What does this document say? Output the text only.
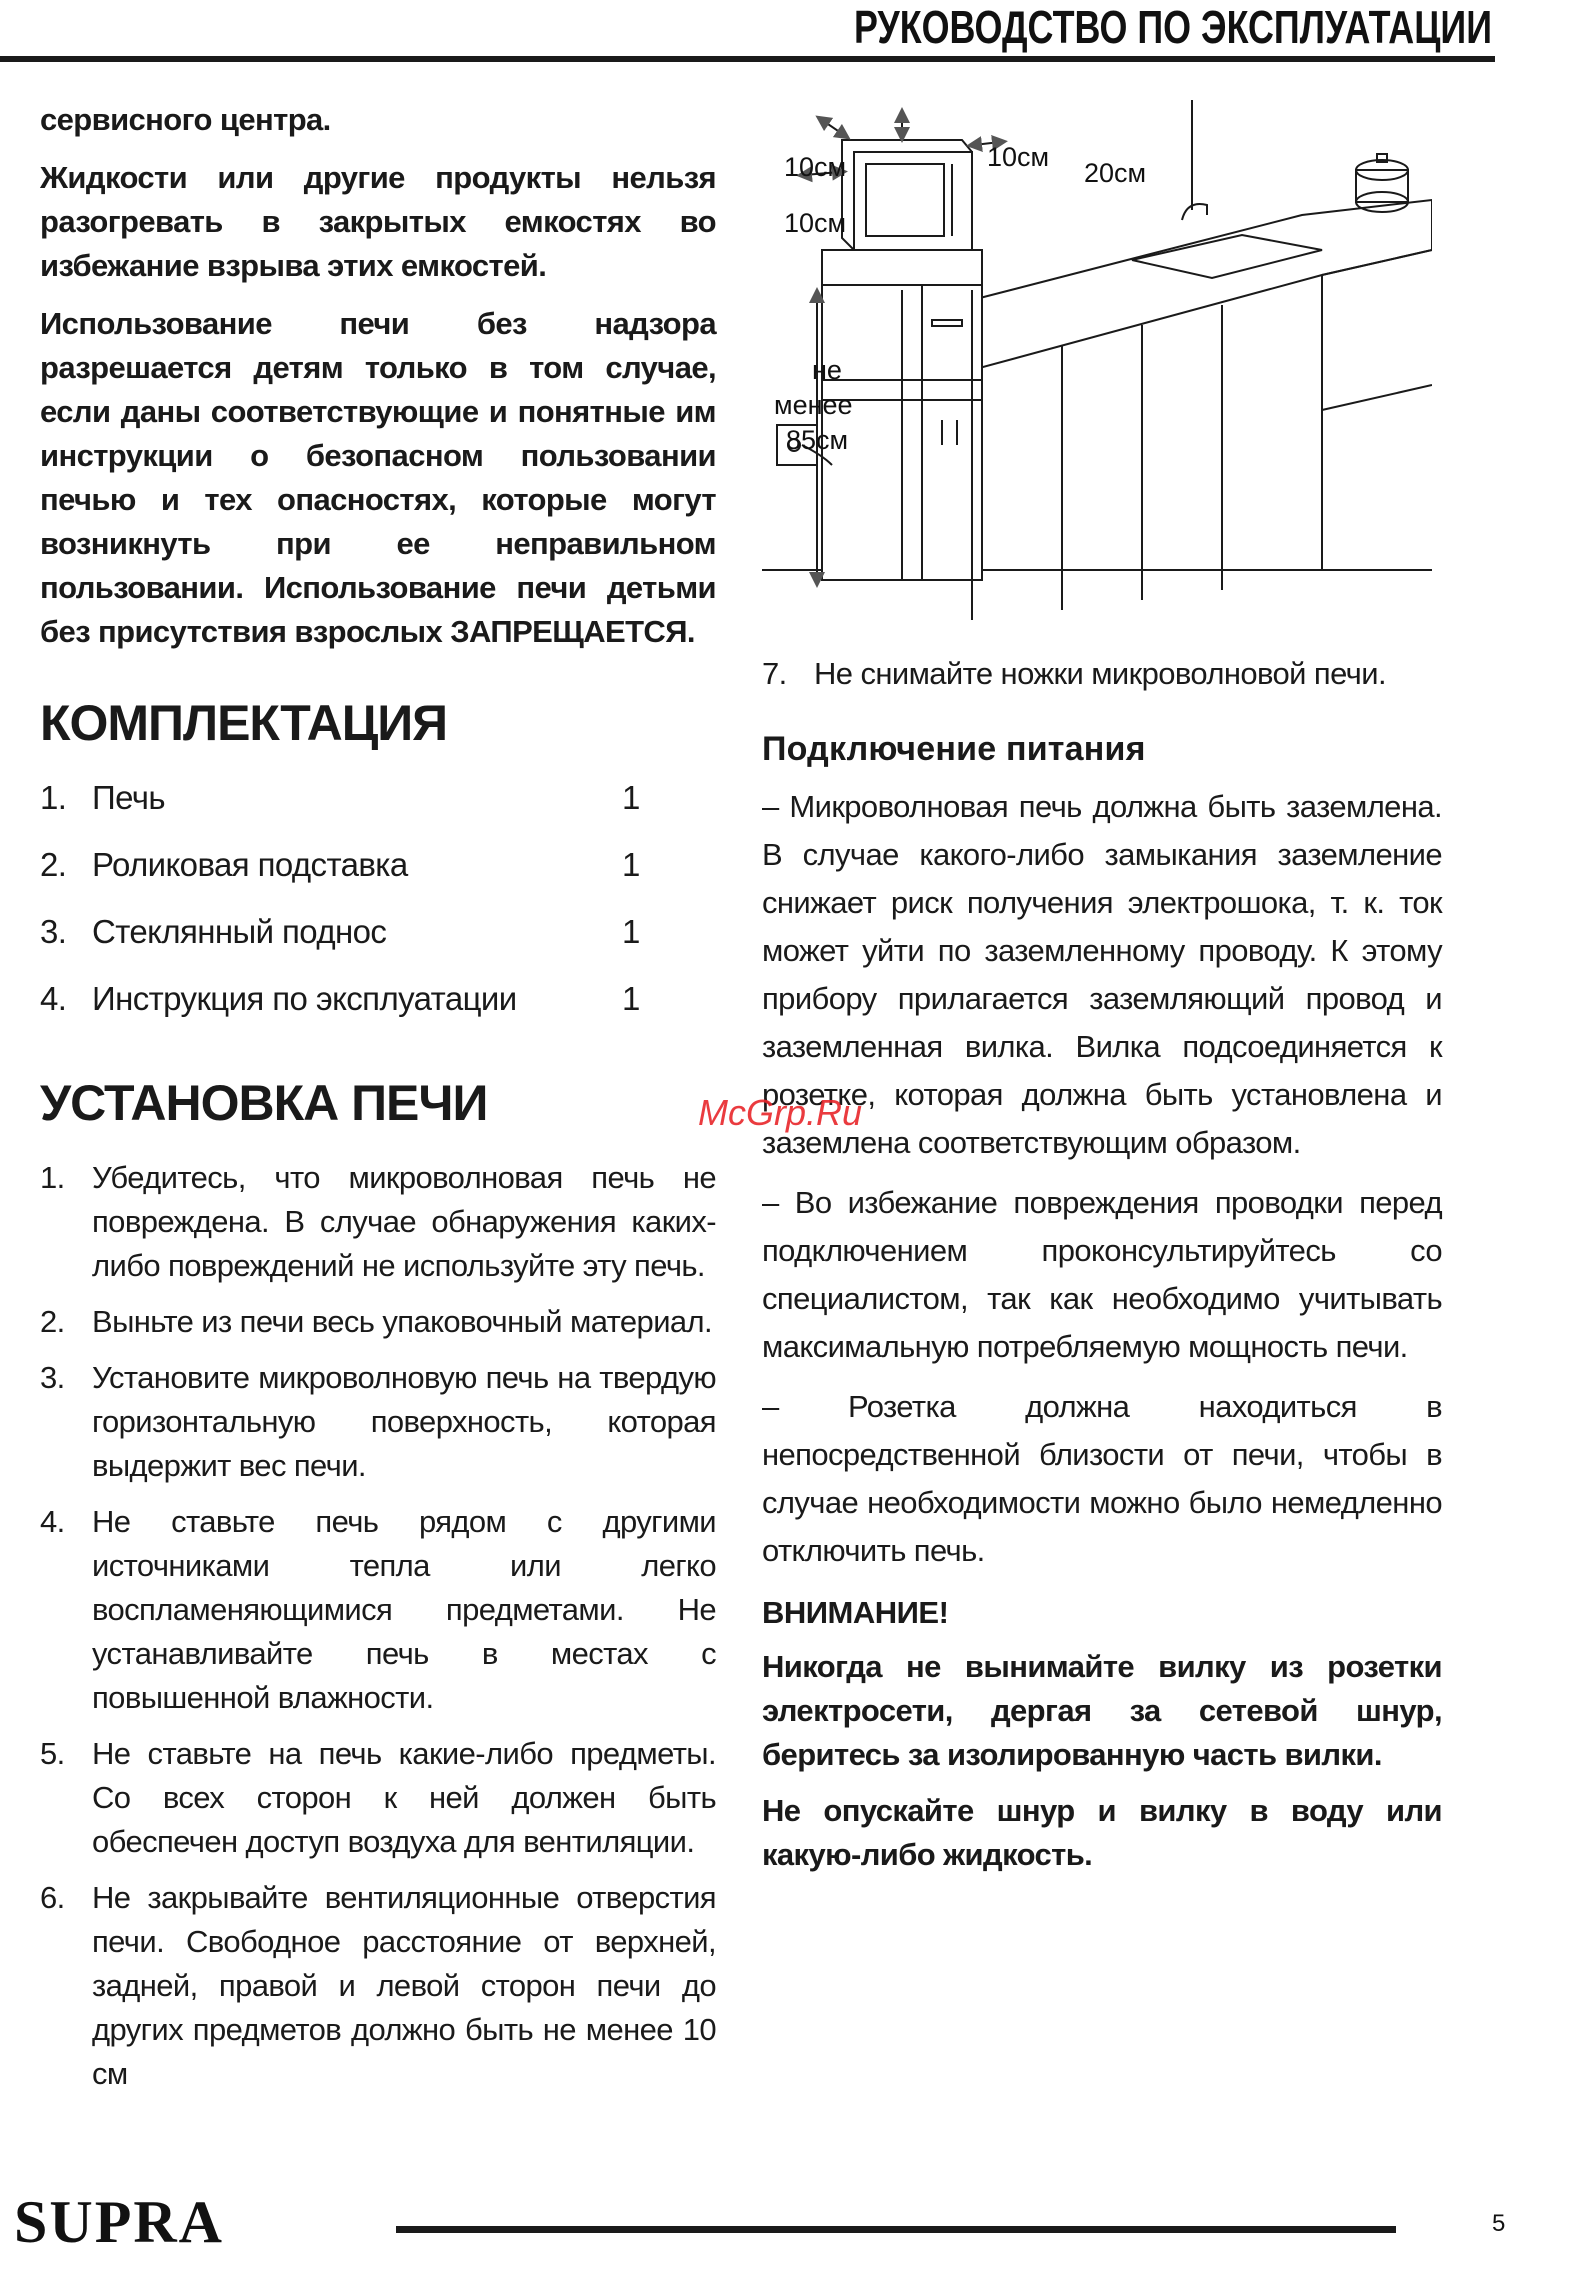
РУКОВОДСТВО ПО ЭКСПЛУАТАЦИИ

сервисного центра.

Жидкости или другие продукты нельзя разогревать в закрытых емкостях во избежание взрыва этих емкостей.

Использование печи без надзора разрешается детям только в том случае, если даны соответствующие и понятные им инструкции о безопасном пользовании печью и тех опасностях, которые могут возникнуть при ее неправильном пользовании. Использование печи детьми без присутствия взрослых ЗАПРЕЩАЕТСЯ.

КОМПЛЕКТАЦИЯ
1. Печь	1
2. Роликовая подставка	1
3. Стеклянный поднос	1
4. Инструкция по эксплуатации	1
УСТАНОВКА ПЕЧИ
1. Убедитесь, что микроволновая печь не повреждена. В случае обнаружения каких-либо повреждений не используйте эту печь.
2. Выньте из печи весь упаковочный материал.
3. Установите микроволновую печь на твердую горизонтальную поверхность, которая выдержит вес печи.
4. Не ставьте печь рядом с другими источниками тепла или легко воспламеняющимися предметами. Не устанавливайте печь в местах с повышенной влажности.
5. Не ставьте на печь какие-либо предметы. Со всех сторон к ней должен быть обеспечен доступ воздуха для вентиляции.
6. Не закрывайте вентиляционные отверстия печи. Свободное расстояние от верхней, задней, правой и левой сторон печи до других предметов должно быть не менее 10 см
10см	10см
20см
10см
не
менее
85см
7. Не снимайте ножки микроволновой печи.
Подключение питания

– Микроволновая печь должна быть заземлена. В случае какого-либо замыкания заземление снижает риск получения электрошока, т. к. ток может уйти по заземленному проводу. К этому прибору прилагается заземляющий провод и заземленная вилка. Вилка подсоединяется к розетке, которая должна быть установлена и заземлена соответствующим образом.

– Во избежание повреждения проводки перед подключением проконсультируйтесь со специалистом, так как необходимо учитывать максимальную потребляемую мощность печи.

– Розетка должна находиться в непосредственной близости от печи, чтобы в случае необходимости можно было немедленно отключить печь.

ВНИМАНИЕ!

Никогда не вынимайте вилку из розетки электросети, дергая за сетевой шнур, беритесь за изолированную часть вилки.

Не опускайте шнур и вилку в воду или какую-либо жидкость.

McGrp.Ru
SUPRA	5
